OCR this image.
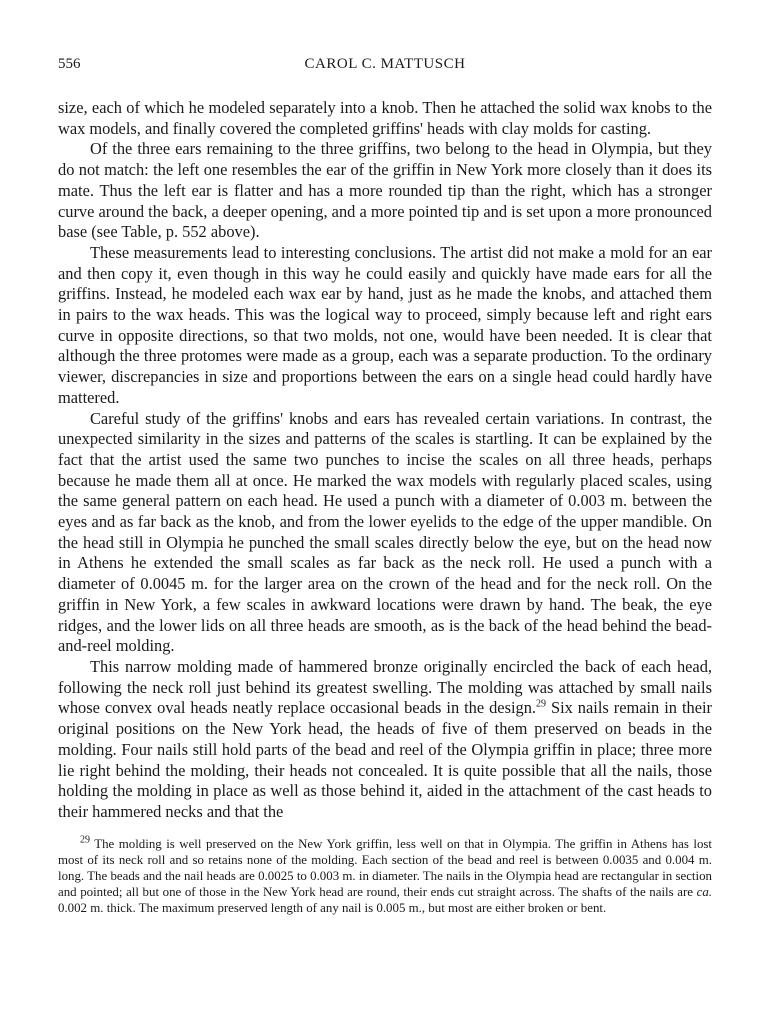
556	CAROL C. MATTUSCH

size, each of which he modeled separately into a knob. Then he attached the solid wax knobs to the wax models, and finally covered the completed griffins' heads with clay molds for casting.

Of the three ears remaining to the three griffins, two belong to the head in Olympia, but they do not match: the left one resembles the ear of the griffin in New York more closely than it does its mate. Thus the left ear is flatter and has a more rounded tip than the right, which has a stronger curve around the back, a deeper opening, and a more pointed tip and is set upon a more pronounced base (see Table, p. 552 above).

These measurements lead to interesting conclusions. The artist did not make a mold for an ear and then copy it, even though in this way he could easily and quickly have made ears for all the griffins. Instead, he modeled each wax ear by hand, just as he made the knobs, and attached them in pairs to the wax heads. This was the logical way to proceed, simply because left and right ears curve in opposite directions, so that two molds, not one, would have been needed. It is clear that although the three protomes were made as a group, each was a separate production. To the ordinary viewer, discrepancies in size and proportions between the ears on a single head could hardly have mattered.

Careful study of the griffins' knobs and ears has revealed certain variations. In contrast, the unexpected similarity in the sizes and patterns of the scales is startling. It can be explained by the fact that the artist used the same two punches to incise the scales on all three heads, perhaps because he made them all at once. He marked the wax models with regularly placed scales, using the same general pattern on each head. He used a punch with a diameter of 0.003 m. between the eyes and as far back as the knob, and from the lower eyelids to the edge of the upper mandible. On the head still in Olympia he punched the small scales directly below the eye, but on the head now in Athens he extended the small scales as far back as the neck roll. He used a punch with a diameter of 0.0045 m. for the larger area on the crown of the head and for the neck roll. On the griffin in New York, a few scales in awkward locations were drawn by hand. The beak, the eye ridges, and the lower lids on all three heads are smooth, as is the back of the head behind the bead-and-reel molding.

This narrow molding made of hammered bronze originally encircled the back of each head, following the neck roll just behind its greatest swelling. The molding was attached by small nails whose convex oval heads neatly replace occasional beads in the design.$^{29}$ Six nails remain in their original positions on the New York head, the heads of five of them preserved on beads in the molding. Four nails still hold parts of the bead and reel of the Olympia griffin in place; three more lie right behind the molding, their heads not concealed. It is quite possible that all the nails, those holding the molding in place as well as those behind it, aided in the attachment of the cast heads to their hammered necks and that the

$^{29}$ The molding is well preserved on the New York griffin, less well on that in Olympia. The griffin in Athens has lost most of its neck roll and so retains none of the molding. Each section of the bead and reel is between 0.0035 and 0.004 m. long. The beads and the nail heads are 0.0025 to 0.003 m. in diameter. The nails in the Olympia head are rectangular in section and pointed; all but one of those in the New York head are round, their ends cut straight across. The shafts of the nails are ca. 0.002 m. thick. The maximum preserved length of any nail is 0.005 m., but most are either broken or bent.
